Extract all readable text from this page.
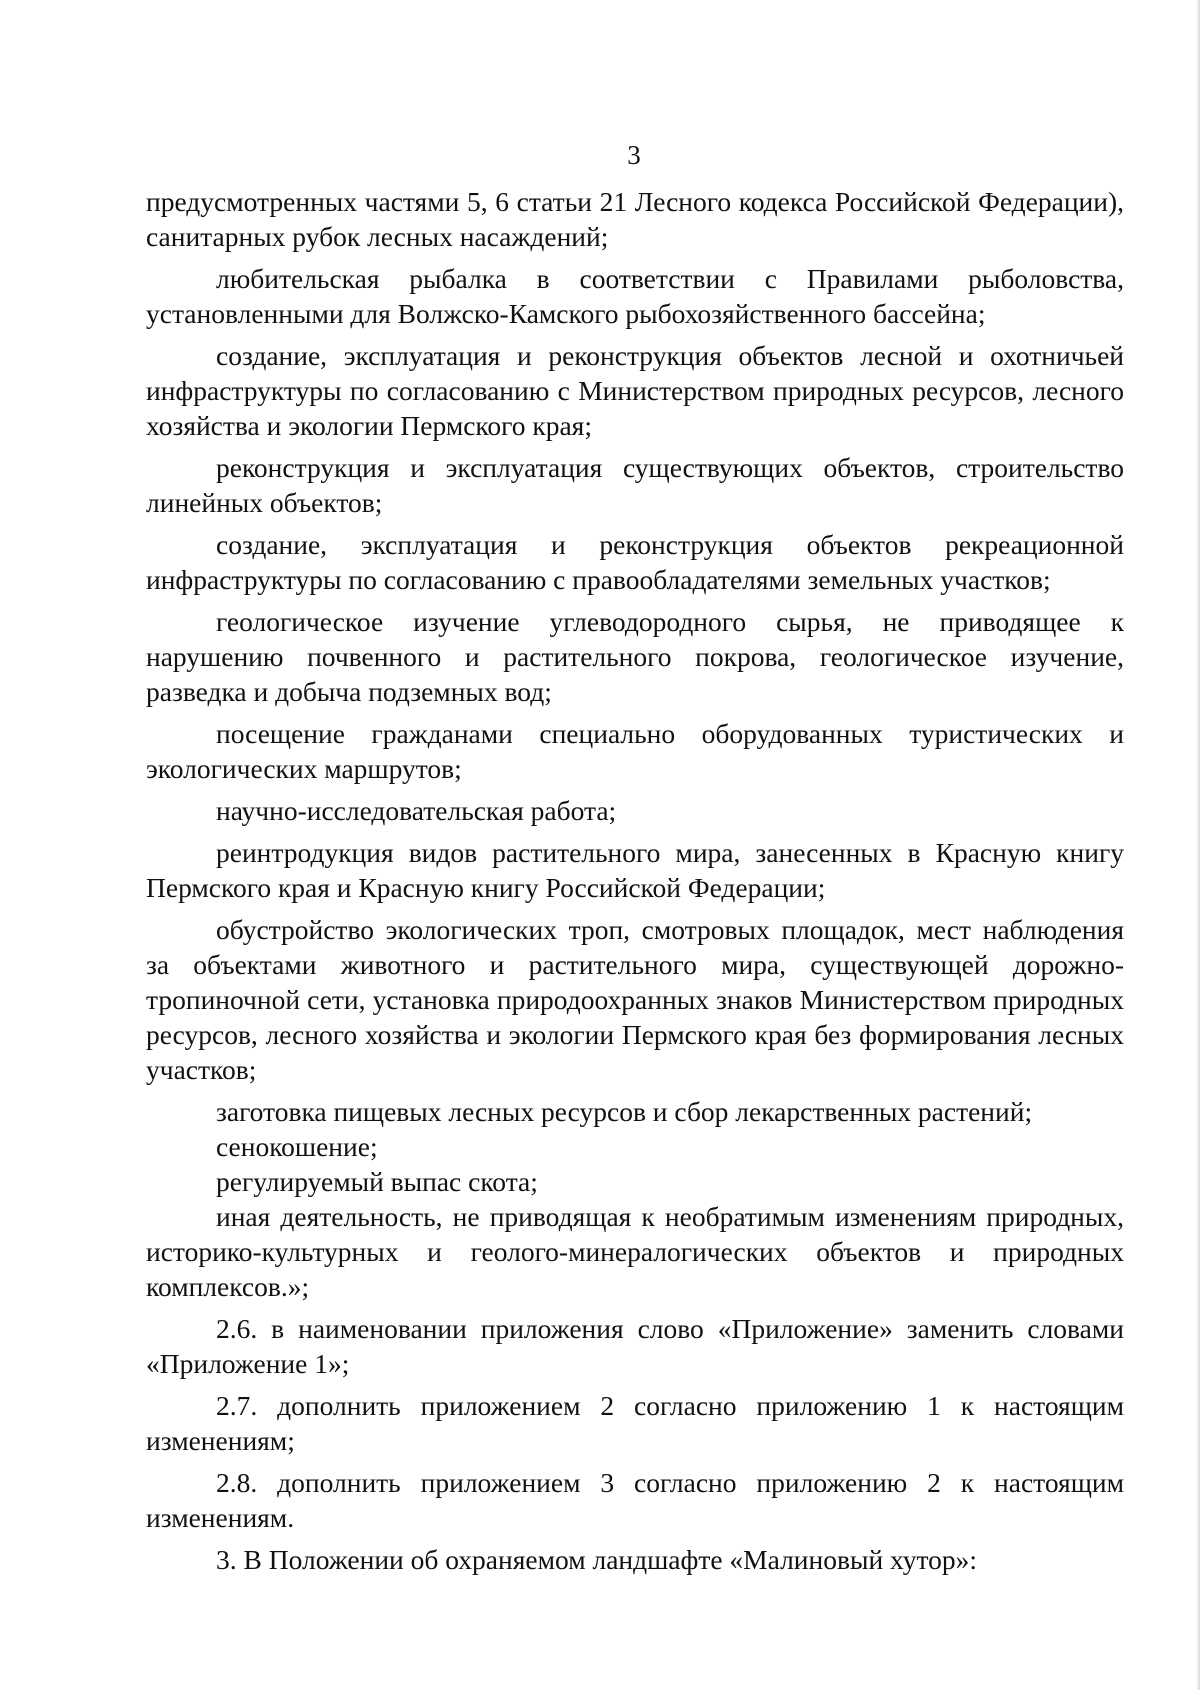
3

предусмотренных частями 5, 6 статьи 21 Лесного кодекса Российской Федерации), санитарных рубок лесных насаждений;

любительская рыбалка в соответствии с Правилами рыболовства, установленными для Волжско-Камского рыбохозяйственного бассейна;

создание, эксплуатация и реконструкция объектов лесной и охотничьей инфраструктуры по согласованию с Министерством природных ресурсов, лесного хозяйства и экологии Пермского края;

реконструкция и эксплуатация существующих объектов, строительство линейных объектов;

создание, эксплуатация и реконструкция объектов рекреационной инфраструктуры по согласованию с правообладателями земельных участков;

геологическое изучение углеводородного сырья, не приводящее к нарушению почвенного и растительного покрова, геологическое изучение, разведка и добыча подземных вод;

посещение гражданами специально оборудованных туристических и экологических маршрутов;

научно-исследовательская работа;

реинтродукция видов растительного мира, занесенных в Красную книгу Пермского края и Красную книгу Российской Федерации;

обустройство экологических троп, смотровых площадок, мест наблюдения за объектами животного и растительного мира, существующей дорожно-тропиночной сети, установка природоохранных знаков Министерством природных ресурсов, лесного хозяйства и экологии Пермского края без формирования лесных участков;

заготовка пищевых лесных ресурсов и сбор лекарственных растений;

сенокошение;

регулируемый выпас скота;

иная деятельность, не приводящая к необратимым изменениям природных, историко-культурных и геолого-минералогических объектов и природных комплексов.»;

2.6. в наименовании приложения слово «Приложение» заменить словами «Приложение 1»;

2.7. дополнить приложением 2 согласно приложению 1 к настоящим изменениям;

2.8. дополнить приложением 3 согласно приложению 2 к настоящим изменениям.

3. В Положении об охраняемом ландшафте «Малиновый хутор»:
